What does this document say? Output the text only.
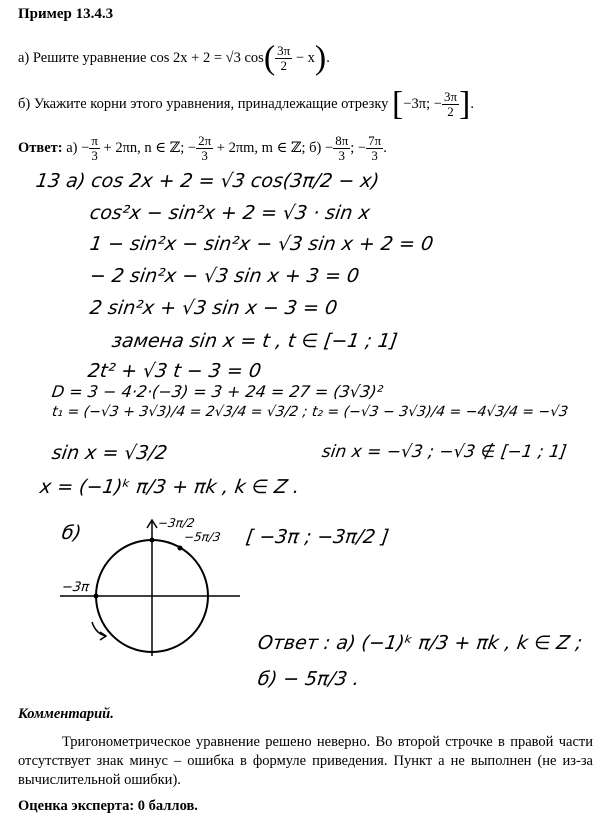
Пример 13.4.3
а) Решите уравнение cos 2x + 2 = √3 $\cos( \frac{3\pi}{2} - x)$.
б) Укажите корни этого уравнения, принадлежащие отрезку [−3π; − $\frac{3\pi}{2}$ ].
Ответ: $а) - \frac{\pi}{3} + 2\pi n$, n ∈ ℤ; − $\frac{2\pi}{3} + 2\pi m$, m ∈ ℤ; $б) - \frac{8\pi}{3}$ ; − $\frac{7\pi}{3}$ .
13 а) cos 2x + 2 = √3 cos(3π/2 − x)
cos²x − sin²x + 2 = √3 · sin x
1 − sin²x − sin²x − √3 sin x + 2 = 0
− 2 sin²x − √3 sin x + 3 = 0
2 sin²x + √3 sin x − 3 = 0
замена sin x = t , t ∈ [−1 ; 1]
2t² + √3 t − 3 = 0
D = 3 − 4·2·(−3) = 3 + 24 = 27 = (3√3)²
t₁ = (−√3 + 3√3)/4 = 2√3/4 = √3/2 ; t₂ = (−√3 − 3√3)/4 = −4√3/4 = −√3
sin x = √3/2	sin x = −√3 ; −√3 ∉ [−1 ; 1]
x = (−1)ᵏ π/3 + πk , k ∈ Z .
б)	[ −3π ; −3π/2 ]
−3π/2
−5π/3
−3π
Ответ : а) (−1)ᵏ π/3 + πk , k ∈ Z ;
б) − 5π/3 .
Комментарий.
Тригонометрическое уравнение решено неверно. Во второй строчке в правой части отсутствует знак минус – ошибка в формуле приведения. Пункт а не выполнен (не из-за вычислительной ошибки).
Оценка эксперта: 0 баллов.
